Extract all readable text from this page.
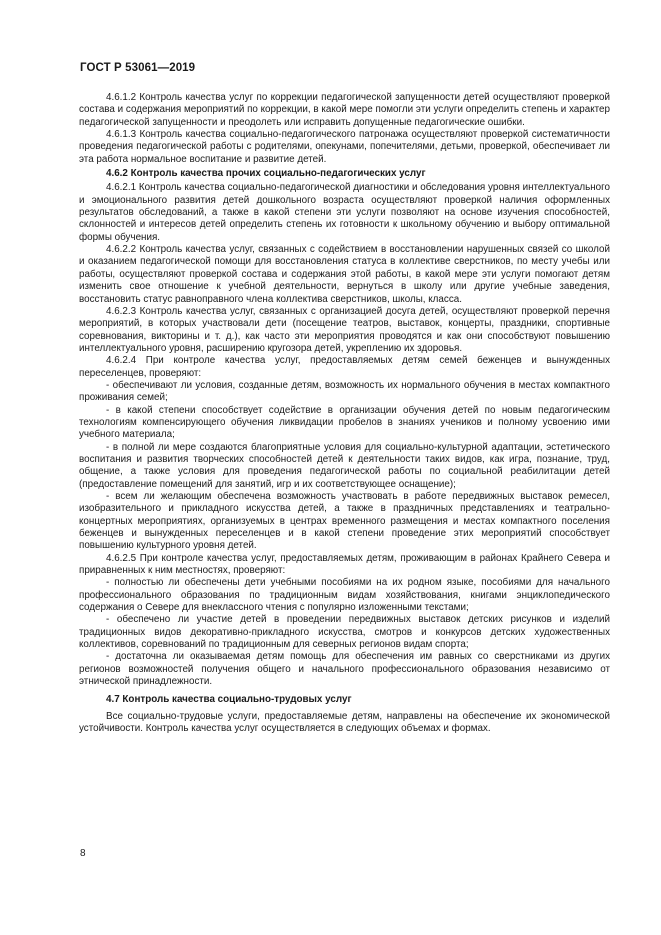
ГОСТ Р 53061—2019

4.6.1.2 Контроль качества услуг по коррекции педагогической запущенности детей осуществляют проверкой состава и содержания мероприятий по коррекции, в какой мере помогли эти услуги определить степень и характер педагогической запущенности и преодолеть или исправить допущенные педагогические ошибки.

4.6.1.3 Контроль качества социально-педагогического патронажа осуществляют проверкой систематичности проведения педагогической работы с родителями, опекунами, попечителями, детьми, проверкой, обеспечивает ли эта работа нормальное воспитание и развитие детей.

4.6.2 Контроль качества прочих социально-педагогических услуг

4.6.2.1 Контроль качества социально-педагогической диагностики и обследования уровня интеллектуального и эмоционального развития детей дошкольного возраста осуществляют проверкой наличия оформленных результатов обследований, а также в какой степени эти услуги позволяют на основе изучения способностей, склонностей и интересов детей определить степень их готовности к школьному обучению и выбору оптимальной формы обучения.

4.6.2.2 Контроль качества услуг, связанных с содействием в восстановлении нарушенных связей со школой и оказанием педагогической помощи для восстановления статуса в коллективе сверстников, по месту учебы или работы, осуществляют проверкой состава и содержания этой работы, в какой мере эти услуги помогают детям изменить свое отношение к учебной деятельности, вернуться в школу или другие учебные заведения, восстановить статус равноправного члена коллектива сверстников, школы, класса.

4.6.2.3 Контроль качества услуг, связанных с организацией досуга детей, осуществляют проверкой перечня мероприятий, в которых участвовали дети (посещение театров, выставок, концерты, праздники, спортивные соревнования, викторины и т. д.), как часто эти мероприятия проводятся и как они способствуют повышению интеллектуального уровня, расширению кругозора детей, укреплению их здоровья.

4.6.2.4 При контроле качества услуг, предоставляемых детям семей беженцев и вынужденных переселенцев, проверяют:

- обеспечивают ли условия, созданные детям, возможность их нормального обучения в местах компактного проживания семей;

- в какой степени способствует содействие в организации обучения детей по новым педагогическим технологиям компенсирующего обучения ликвидации пробелов в знаниях учеников и полному усвоению ими учебного материала;

- в полной ли мере создаются благоприятные условия для социально-культурной адаптации, эстетического воспитания и развития творческих способностей детей к деятельности таких видов, как игра, познание, труд, общение, а также условия для проведения педагогической работы по социальной реабилитации детей (предоставление помещений для занятий, игр и их соответствующее оснащение);

- всем ли желающим обеспечена возможность участвовать в работе передвижных выставок ремесел, изобразительного и прикладного искусства детей, а также в праздничных представлениях и театрально-концертных мероприятиях, организуемых в центрах временного размещения и местах компактного поселения беженцев и вынужденных переселенцев и в какой степени проведение этих мероприятий способствует повышению культурного уровня детей.

4.6.2.5 При контроле качества услуг, предоставляемых детям, проживающим в районах Крайнего Севера и приравненных к ним местностях, проверяют:

- полностью ли обеспечены дети учебными пособиями на их родном языке, пособиями для начального профессионального образования по традиционным видам хозяйствования, книгами энциклопедического содержания о Севере для внеклассного чтения с популярно изложенными текстами;

- обеспечено ли участие детей в проведении передвижных выставок детских рисунков и изделий традиционных видов декоративно-прикладного искусства, смотров и конкурсов детских художественных коллективов, соревнований по традиционным для северных регионов видам спорта;

- достаточна ли оказываемая детям помощь для обеспечения им равных со сверстниками из других регионов возможностей получения общего и начального профессионального образования независимо от этнической принадлежности.

4.7 Контроль качества социально-трудовых услуг

Все социально-трудовые услуги, предоставляемые детям, направлены на обеспечение их экономической устойчивости. Контроль качества услуг осуществляется в следующих объемах и формах.

8
